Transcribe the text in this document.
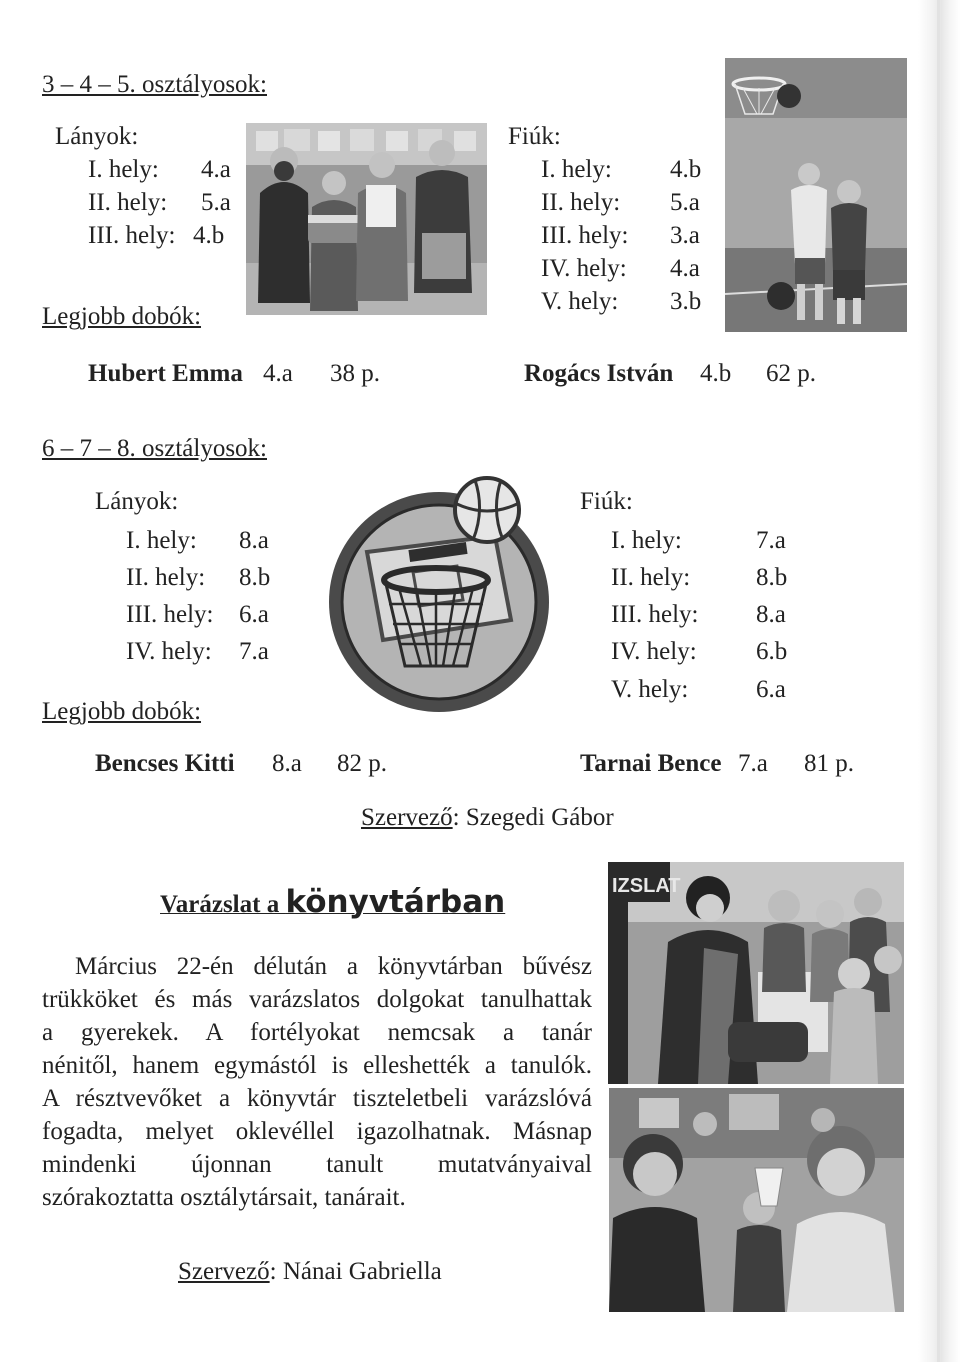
3 – 4 – 5. osztályosok:
Lányok:
I. hely: 4.a
II. hely: 5.a
III. hely: 4.b
Legjobb dobók:
Fiúk:
I. hely: 4.b
II. hely: 5.a
III. hely: 3.a
IV. hely: 4.a
V. hely: 3.b
Hubert Emma 4.a 38 p.	Rogács István 4.b 62 p.
6 – 7 – 8. osztályosok:
Lányok:
I. hely: 8.a
II. hely: 8.b
III. hely: 6.a
IV. hely: 7.a
Legjobb dobók:
Fiúk:
I. hely:	7.a
II. hely:	8.b
III. hely: 8.a
IV. hely: 6.b
V. hely:	6.a
Bencses Kitti 8.a 82 p.	Tarnai Bence 7.a 81 p.
Szervező: Szegedi Gábor
Varázslat a könyvtárban
Március 22-én délután a könyvtárban bűvész
trükköket és más varázslatos dolgokat tanulhattak
a gyerekek. A fortélyokat nemcsak a tanár
nénitől, hanem egymástól is elleshették a tanulók.
A résztvevőket a könyvtár tiszteletbeli varázslóvá
fogadta, melyet oklevéllel igazolhatnak. Másnap
mindenki újonnan tanult mutatványaival
szórakoztatta osztálytársait, tanárait.
Szervező: Nánai Gabriella
IZSLAT
